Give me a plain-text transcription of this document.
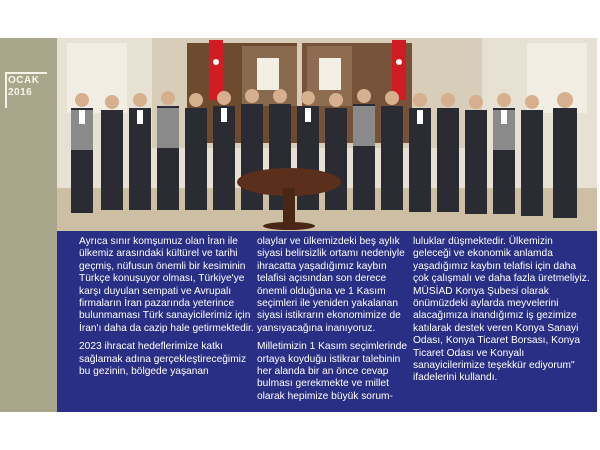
OCAK 2016

Ayrıca sınır komşumuz olan İran ile ülkemiz arasındaki kültürel ve tarihi geçmiş, nüfusun önemli bir kesiminin Türkçe konuşuyor olması, Türkiye'ye karşı duyulan sempati ve Avrupalı firmaların İran pazarında yeterince bulunmaması Türk sanayicilerimiz için İran'ı daha da cazip hale getirmektedir.

2023 ihracat hedeflerimize katkı sağlamak adına gerçekleştireceğimiz bu gezinin, bölgede yaşanan

olaylar ve ülkemizdeki beş aylık siyasi belirsizlik ortamı nedeniyle ihracatta yaşadığımız kaybın telafisi açısından son derece önemli olduğuna ve 1 Kasım seçimleri ile yeniden yakalanan siyasi istikrarın ekonomimize de yansıyacağına inanıyoruz.

Milletimizin 1 Kasım seçimlerinde ortaya koyduğu istikrar talebinin her alanda bir an önce cevap bulması gerekmekte ve millet olarak hepimize büyük sorum-

luluklar düşmektedir. Ülkemizin geleceği ve ekonomik anlamda yaşadığımız kaybın telafisi için daha çok çalışmalı ve daha fazla üretmeliyiz. MÜSİAD Konya Şubesi olarak önümüzdeki aylarda meyvelerini alacağımıza inandığımız iş gezimize katılarak destek veren Konya Sanayi Odası, Konya Ticaret Borsası, Konya Ticaret Odası ve Konyalı sanayicilerimize teşekkür ediyorum" ifadelerini kullandı.
